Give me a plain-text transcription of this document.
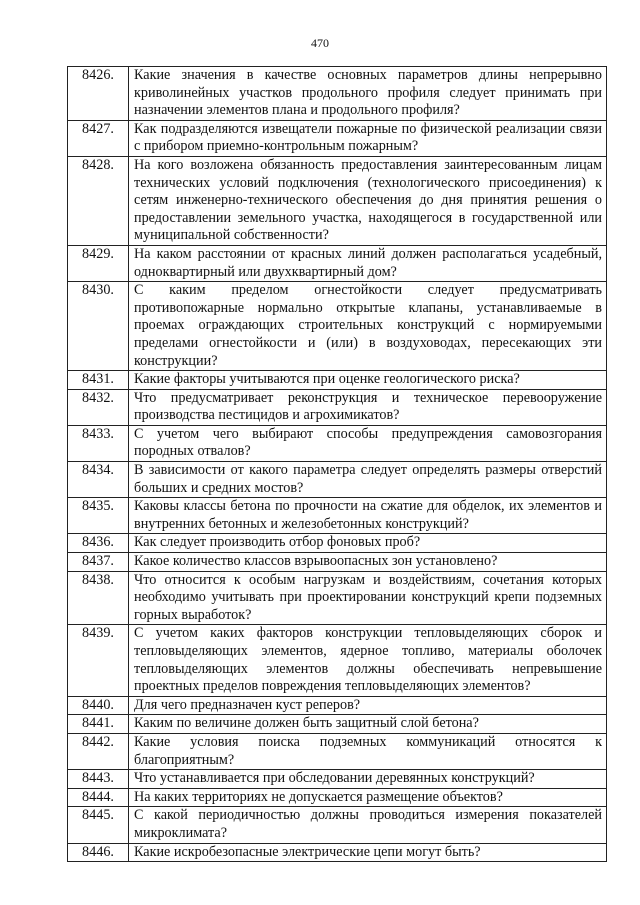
470
8426.	Какие значения в качестве основных параметров длины непрерывно криволинейных участков продольного профиля следует принимать при назначении элементов плана и продольного профиля?
8427.	Как подразделяются извещатели пожарные по физической реализации связи с прибором приемно-контрольным пожарным?
8428.	На кого возложена обязанность предоставления заинтересованным лицам технических условий подключения (технологического присоединения) к сетям инженерно-технического обеспечения до дня принятия решения о предоставлении земельного участка, находящегося в государственной или муниципальной собственности?
8429.	На каком расстоянии от красных линий должен располагаться усадебный, одноквартирный или двухквартирный дом?
8430.	С каким пределом огнестойкости следует предусматривать противопожарные нормально открытые клапаны, устанавливаемые в проемах ограждающих строительных конструкций с нормируемыми пределами огнестойкости и (или) в воздуховодах, пересекающих эти конструкции?
8431.	Какие факторы учитываются при оценке геологического риска?
8432.	Что предусматривает реконструкция и техническое перевооружение производства пестицидов и агрохимикатов?
8433.	С учетом чего выбирают способы предупреждения самовозгорания породных отвалов?
8434.	В зависимости от какого параметра следует определять размеры отверстий больших и средних мостов?
8435.	Каковы классы бетона по прочности на сжатие для обделок, их элементов и внутренних бетонных и железобетонных конструкций?
8436.	Как следует производить отбор фоновых проб?
8437.	Какое количество классов взрывоопасных зон установлено?
8438.	Что относится к особым нагрузкам и воздействиям, сочетания которых необходимо учитывать при проектировании конструкций крепи подземных горных выработок?
8439.	С учетом каких факторов конструкции тепловыделяющих сборок и тепловыделяющих элементов, ядерное топливо, материалы оболочек тепловыделяющих элементов должны обеспечивать непревышение проектных пределов повреждения тепловыделяющих элементов?
8440.	Для чего предназначен куст реперов?
8441.	Каким по величине должен быть защитный слой бетона?
8442.	Какие условия поиска подземных коммуникаций относятся к благоприятным?
8443.	Что устанавливается при обследовании деревянных конструкций?
8444.	На каких территориях не допускается размещение объектов?
8445.	С какой периодичностью должны проводиться измерения показателей микроклимата?
8446.	Какие искробезопасные электрические цепи могут быть?
